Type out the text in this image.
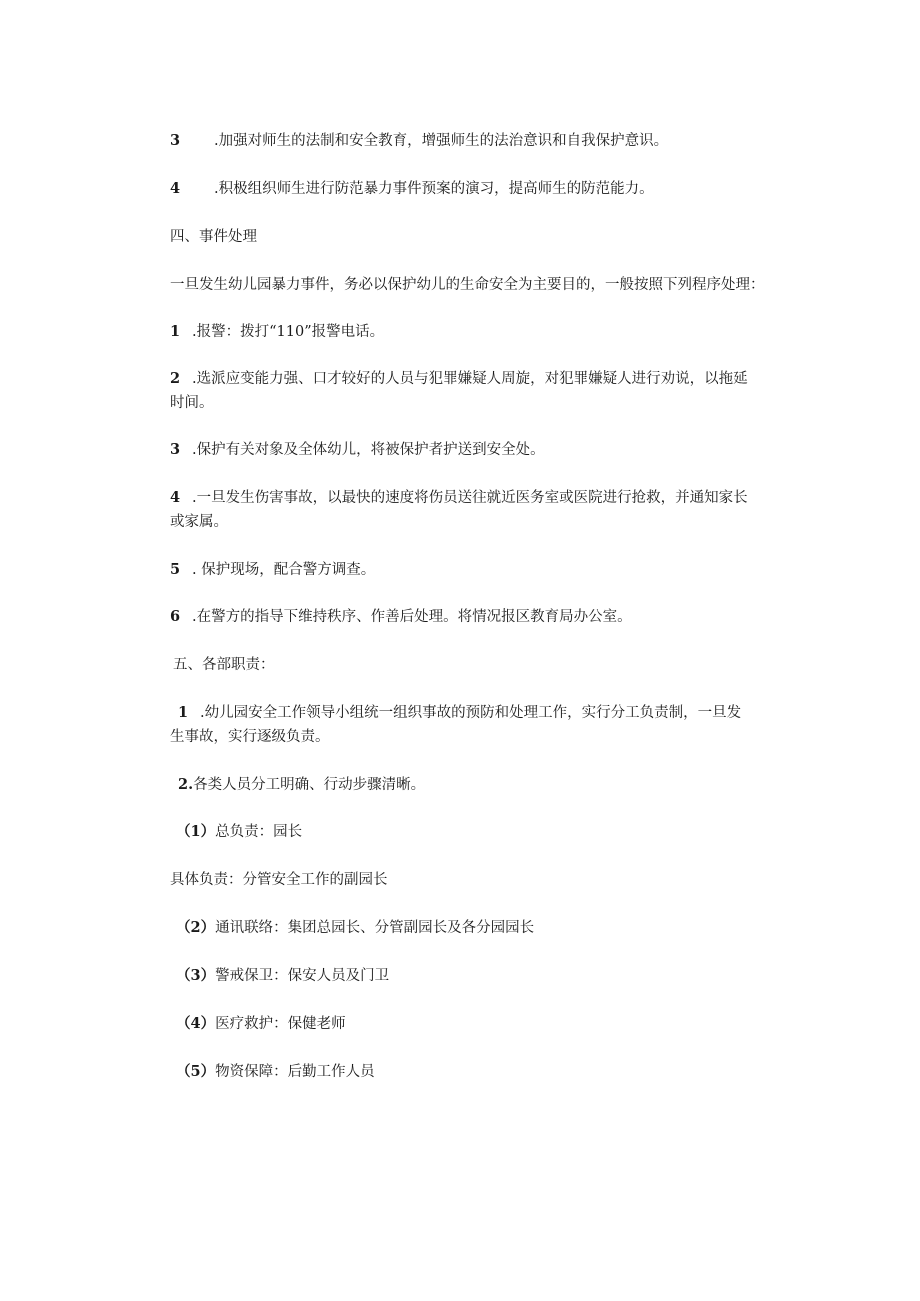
3 .加强对师生的法制和安全教育，增强师生的法治意识和自我保护意识。
4 .积极组织师生进行防范暴力事件预案的演习，提高师生的防范能力。
四、事件处理
一旦发生幼儿园暴力事件，务必以保护幼儿的生命安全为主要目的，一般按照下列程序处理：
1 .报警：拨打“110”报警电话。
2 .选派应变能力强、口才较好的人员与犯罪嫌疑人周旋，对犯罪嫌疑人进行劝说，以拖延
时间。
3 .保护有关对象及全体幼儿，将被保护者护送到安全处。
4 .一旦发生伤害事故，以最快的速度将伤员送往就近医务室或医院进行抢救，并通知家长
或家属。
5 . 保护现场，配合警方调查。
6 .在警方的指导下维持秩序、作善后处理。将情况报区教育局办公室。
五、各部职责：
1 .幼儿园安全工作领导小组统一组织事故的预防和处理工作，实行分工负责制，一旦发
生事故，实行逐级负责。
2.各类人员分工明确、行动步骤清晰。
（1）总负责：园长
具体负责：分管安全工作的副园长
（2）通讯联络：集团总园长、分管副园长及各分园园长
（3）警戒保卫：保安人员及门卫
（4）医疗救护：保健老师
（5）物资保障：后勤工作人员
